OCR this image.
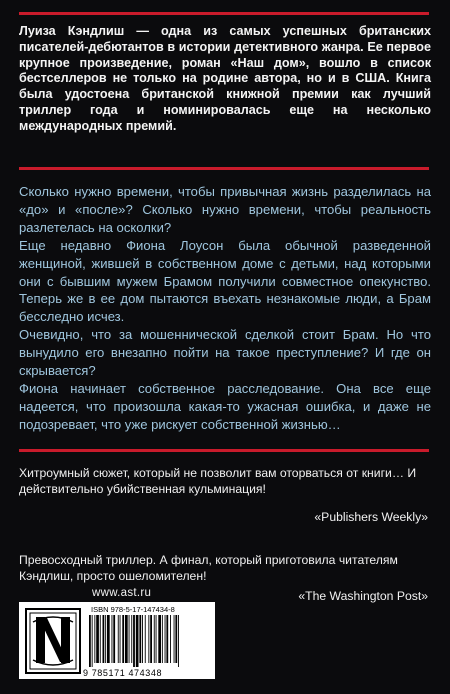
Луиза Кэндлиш — одна из самых успешных британских писателей-дебютантов в истории детективного жанра. Ее первое крупное произведение, роман «Наш дом», вошло в список бестселлеров не только на родине автора, но и в США. Книга была удостоена британской книжной премии как лучший триллер года и номинировалась еще на несколько международных премий.

Сколько нужно времени, чтобы привычная жизнь разделилась на «до» и «после»? Сколько нужно времени, чтобы реальность разлетелась на осколки?
Еще недавно Фиона Лоусон была обычной разведенной женщиной, жившей в собственном доме с детьми, над которыми они с бывшим мужем Брамом получили совместное опекунство. Теперь же в ее дом пытаются въехать незнакомые люди, а Брам бесследно исчез.
Очевидно, что за мошеннической сделкой стоит Брам. Но что вынудило его внезапно пойти на такое преступление? И где он скрывается?
Фиона начинает собственное расследование. Она все еще надеется, что произошла какая-то ужасная ошибка, и даже не подозревает, что уже рискует собственной жизнью…

Хитроумный сюжет, который не позволит вам оторваться от книги… И действительно убийственная кульминация!

«Publishers Weekly»

Превосходный триллер. А финал, который приготовила читателям Кэндлиш, просто ошеломителен!

«The Washington Post»
www.ast.ru
ISBN 978-5-17-147434-8
9 785171 474348
